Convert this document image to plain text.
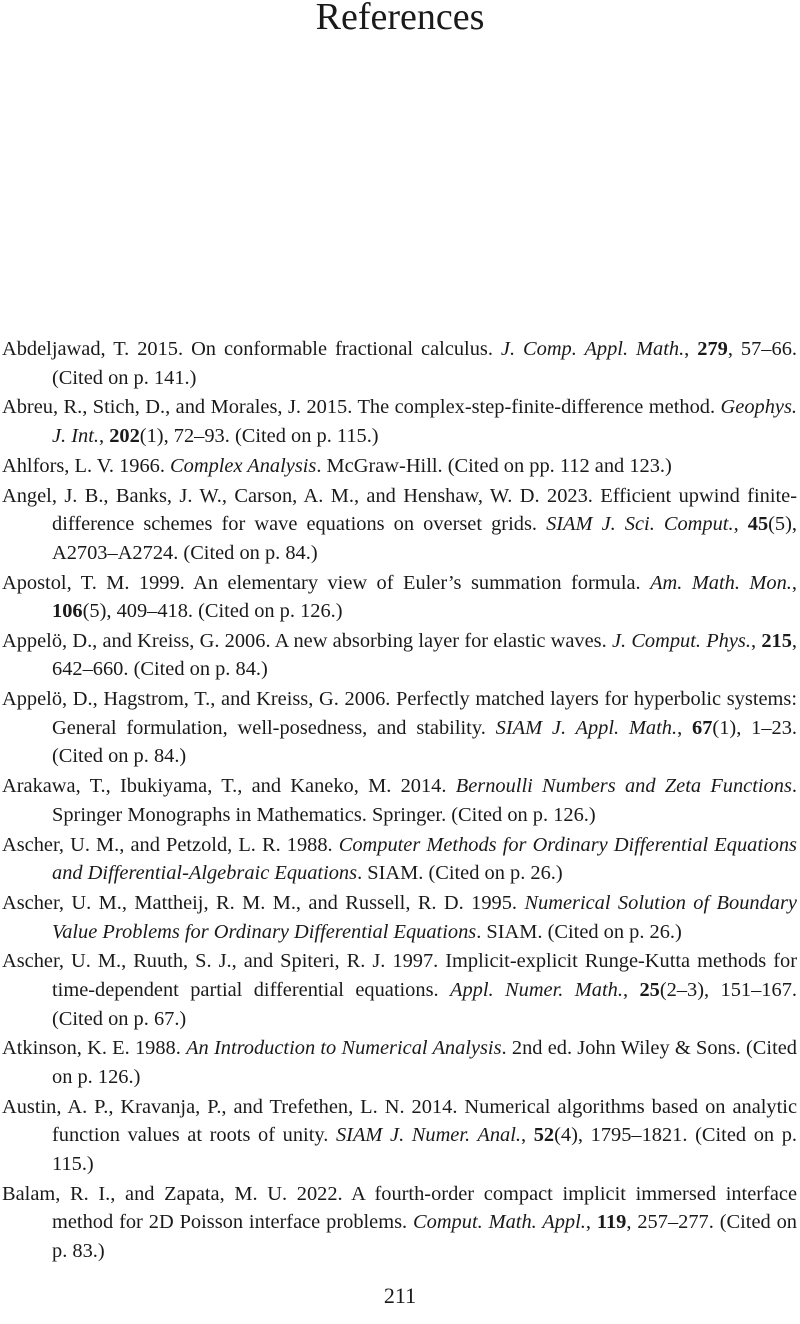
References
Abdeljawad, T. 2015. On conformable fractional calculus. J. Comp. Appl. Math., 279, 57–66. (Cited on p. 141.)
Abreu, R., Stich, D., and Morales, J. 2015. The complex-step-finite-difference method. Geophys. J. Int., 202(1), 72–93. (Cited on p. 115.)
Ahlfors, L. V. 1966. Complex Analysis. McGraw-Hill. (Cited on pp. 112 and 123.)
Angel, J. B., Banks, J. W., Carson, A. M., and Henshaw, W. D. 2023. Efficient upwind finite-difference schemes for wave equations on overset grids. SIAM J. Sci. Comput., 45(5), A2703–A2724. (Cited on p. 84.)
Apostol, T. M. 1999. An elementary view of Euler’s summation formula. Am. Math. Mon., 106(5), 409–418. (Cited on p. 126.)
Appelö, D., and Kreiss, G. 2006. A new absorbing layer for elastic waves. J. Comput. Phys., 215, 642–660. (Cited on p. 84.)
Appelö, D., Hagstrom, T., and Kreiss, G. 2006. Perfectly matched layers for hyperbolic systems: General formulation, well-posedness, and stability. SIAM J. Appl. Math., 67(1), 1–23. (Cited on p. 84.)
Arakawa, T., Ibukiyama, T., and Kaneko, M. 2014. Bernoulli Numbers and Zeta Functions. Springer Monographs in Mathematics. Springer. (Cited on p. 126.)
Ascher, U. M., and Petzold, L. R. 1988. Computer Methods for Ordinary Differential Equations and Differential-Algebraic Equations. SIAM. (Cited on p. 26.)
Ascher, U. M., Mattheij, R. M. M., and Russell, R. D. 1995. Numerical Solution of Boundary Value Problems for Ordinary Differential Equations. SIAM. (Cited on p. 26.)
Ascher, U. M., Ruuth, S. J., and Spiteri, R. J. 1997. Implicit-explicit Runge-Kutta methods for time-dependent partial differential equations. Appl. Numer. Math., 25(2–3), 151–167. (Cited on p. 67.)
Atkinson, K. E. 1988. An Introduction to Numerical Analysis. 2nd ed. John Wiley & Sons. (Cited on p. 126.)
Austin, A. P., Kravanja, P., and Trefethen, L. N. 2014. Numerical algorithms based on analytic function values at roots of unity. SIAM J. Numer. Anal., 52(4), 1795–1821. (Cited on p. 115.)
Balam, R. I., and Zapata, M. U. 2022. A fourth-order compact implicit immersed interface method for 2D Poisson interface problems. Comput. Math. Appl., 119, 257–277. (Cited on p. 83.)
211
